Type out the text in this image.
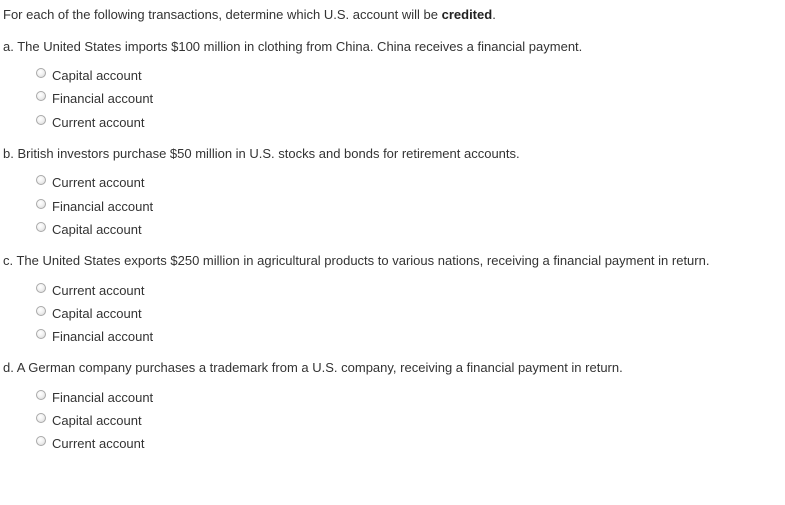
For each of the following transactions, determine which U.S. account will be credited.
a. The United States imports $100 million in clothing from China. China receives a financial payment.
Capital account
Financial account
Current account
b. British investors purchase $50 million in U.S. stocks and bonds for retirement accounts.
Current account
Financial account
Capital account
c. The United States exports $250 million in agricultural products to various nations, receiving a financial payment in return.
Current account
Capital account
Financial account
d. A German company purchases a trademark from a U.S. company, receiving a financial payment in return.
Financial account
Capital account
Current account
